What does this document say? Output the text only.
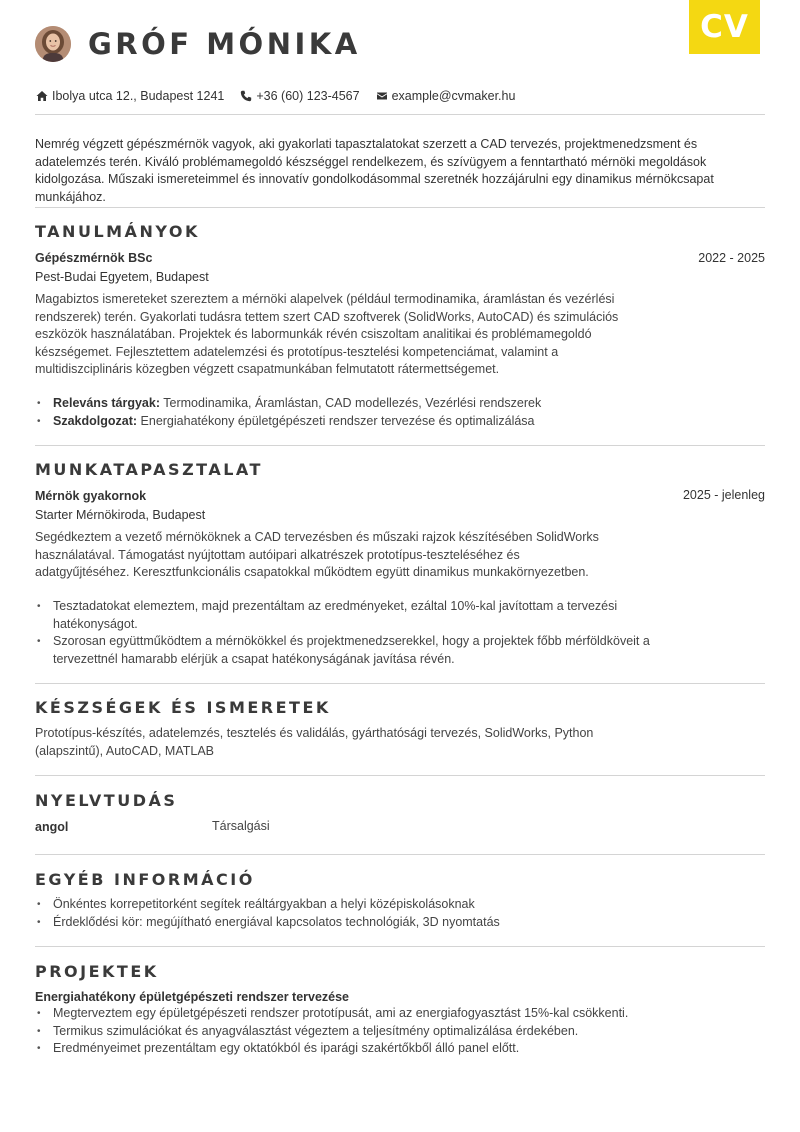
CV
GRÓF MÓNIKA
Ibolya utca 12., Budapest 1241	+36 (60) 123-4567	example@cvmaker.hu

Nemrég végzett gépészmérnök vagyok, aki gyakorlati tapasztalatokat szerzett a CAD tervezés, projektmenedzsment és adatelemzés terén. Kiváló problémamegoldó készséggel rendelkezem, és szívügyem a fenntartható mérnöki megoldások kidolgozása. Műszaki ismereteimmel és innovatív gondolkodásommal szeretnék hozzájárulni egy dinamikus mérnökcsapat munkájához.

TANULMÁNYOK
Gépészmérnök BSc	2022 - 2025
Pest-Budai Egyetem, Budapest

Magabiztos ismereteket szereztem a mérnöki alapelvek (például termodinamika, áramlástan és vezérlési rendszerek) terén. Gyakorlati tudásra tettem szert CAD szoftverek (SolidWorks, AutoCAD) és szimulációs eszközök használatában. Projektek és labormunkák révén csiszoltam analitikai és problémamegoldó készségemet. Fejlesztettem adatelemzési és prototípus-tesztelési kompetenciámat, valamint a multidiszciplináris közegben végzett csapatmunkában felmutatott rátermettségemet.

• Releváns tárgyak: Termodinamika, Áramlástan, CAD modellezés, Vezérlési rendszerek
• Szakdolgozat: Energiahatékony épületgépészeti rendszer tervezése és optimalizálása
MUNKATAPASZTALAT
Mérnök gyakornok	2025 - jelenleg
Starter Mérnökiroda, Budapest

Segédkeztem a vezető mérnököknek a CAD tervezésben és műszaki rajzok készítésében SolidWorks használatával. Támogatást nyújtottam autóipari alkatrészek prototípus-teszteléséhez és adatgyűjtéséhez. Keresztfunkcionális csapatokkal működtem együtt dinamikus munkakörnyezetben.

• Tesztadatokat elemeztem, majd prezentáltam az eredményeket, ezáltal 10%-kal javítottam a tervezési hatékonyságot.
• Szorosan együttműködtem a mérnökökkel és projektmenedzserekkel, hogy a projektek főbb mérföldköveit a tervezettnél hamarabb elérjük a csapat hatékonyságának javítása révén.
KÉSZSÉGEK ÉS ISMERETEK

Prototípus-készítés, adatelemzés, tesztelés és validálás, gyárthatósági tervezés, SolidWorks, Python (alapszintű), AutoCAD, MATLAB

NYELVTUDÁS
angol	Társalgási
EGYÉB INFORMÁCIÓ
• Önkéntes korrepetitorként segítek reáltárgyakban a helyi középiskolásoknak
• Érdeklődési kör: megújítható energiával kapcsolatos technológiák, 3D nyomtatás
PROJEKTEK
Energiahatékony épületgépészeti rendszer tervezése
• Megterveztem egy épületgépészeti rendszer prototípusát, ami az energiafogyasztást 15%-kal csökkenti.
• Termikus szimulációkat és anyagválasztást végeztem a teljesítmény optimalizálása érdekében.
• Eredményeimet prezentáltam egy oktatókból és iparági szakértőkből álló panel előtt.
